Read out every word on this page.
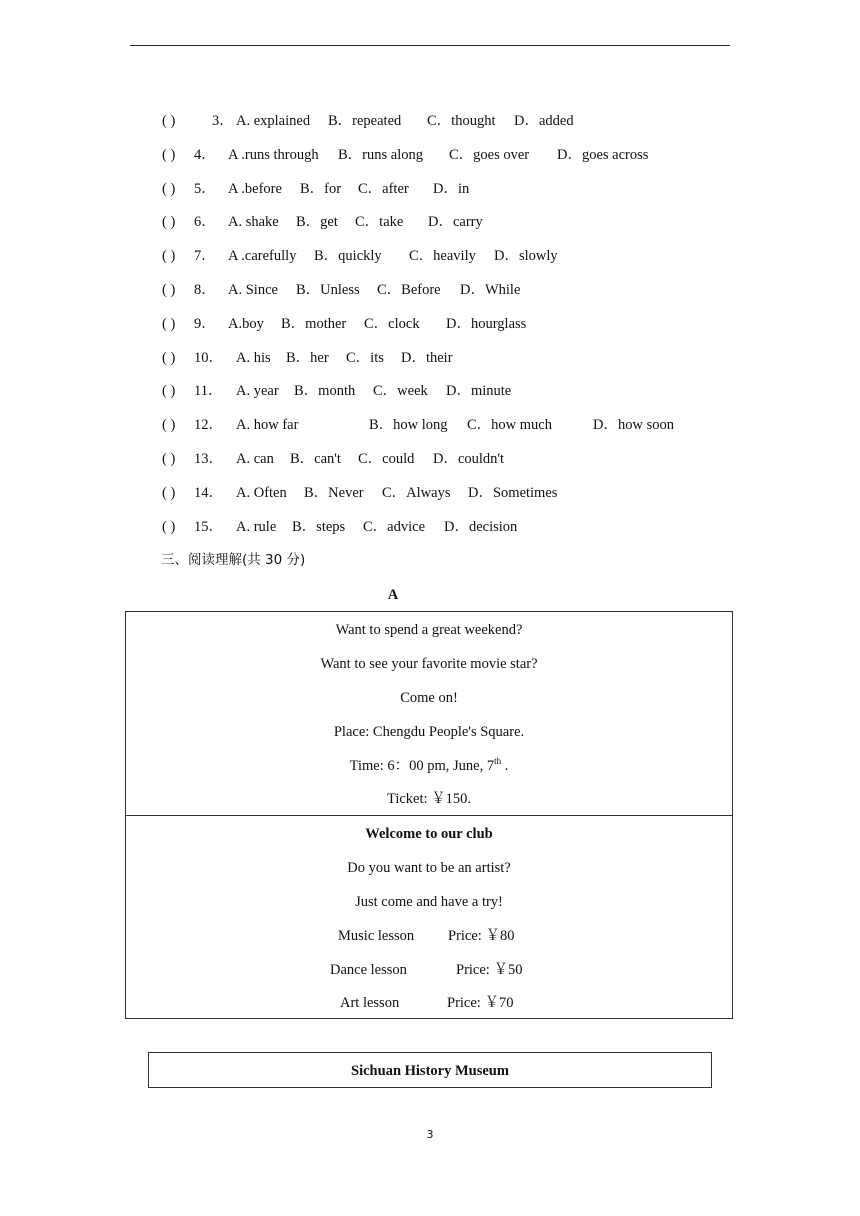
( )	3． A. explained B．repeated C．thought D．added
( ) 4． A .runs through B．runs along C．goes over D．goes across
( ) 5． A .before B．for C．after D．in
( ) 6． A. shake B．get C．take D．carry
( ) 7． A .carefully B．quickly C．heavily D．slowly
( ) 8． A. Since B．Unless C．Before D．While
( ) 9． A.boy B．mother C．clock D．hourglass
( ) 10． A. his B．her C．its D．their
( ) 11． A. year B．month C．week D．minute
( ) 12． A. how far	B．how long C．how much	D．how soon
( ) 13． A. can B．can't C．could D．couldn't
( ) 14． A. Often B．Never C．Always D．Sometimes
( ) 15． A. rule B．steps C．advice D．decision
三、阅读理解(共 30 分)
A
Want to spend a great weekend?
Want to see your favorite movie star?
Come on!
Place: Chengdu People's Square.
Time: 6：00 pm, June, 7th .
Ticket: ￥150.
Welcome to our club
Do you want to be an artist?
Just come and have a try!
Music lesson Price: ￥80
Dance lesson	Price: ￥50
Art lesson	Price: ￥70
Sichuan History Museum
3
